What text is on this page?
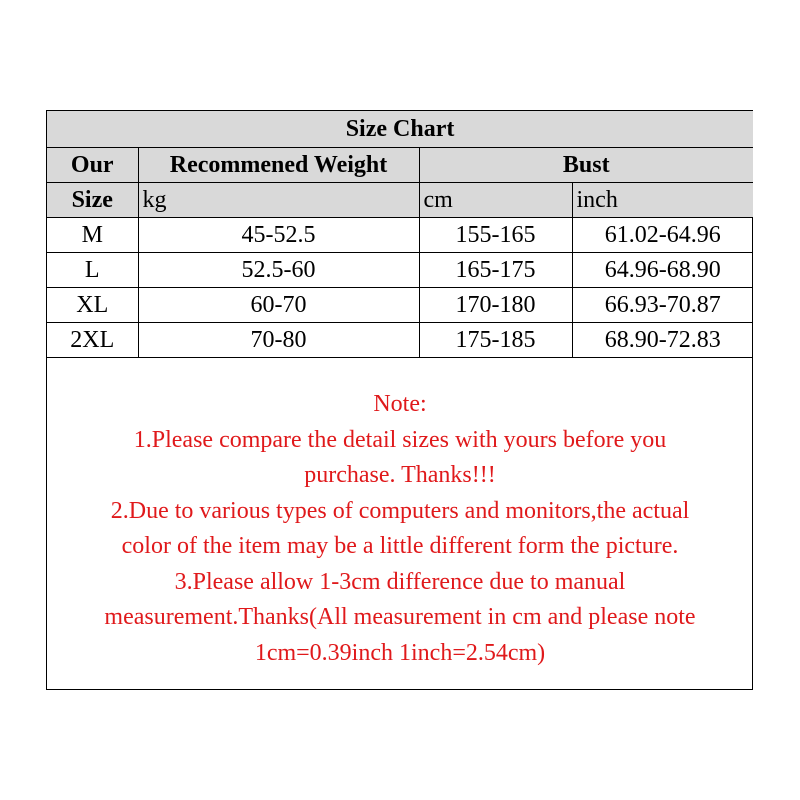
Size Chart			
Our	Recommened Weight	Bust	
Size	kg	cm	inch
M	45-52.5	155-165	61.02-64.96
L	52.5-60	165-175	64.96-68.90
XL	60-70	170-180	66.93-70.87
2XL	70-80	175-185	68.90-72.83
Note:
1.Please compare the detail sizes with yours before you
purchase. Thanks!!!
2.Due to various types of computers and monitors,the actual
color of the item may be a little different form the picture.
3.Please allow 1-3cm difference due to manual
measurement.Thanks(All measurement in cm and please note
1cm=0.39inch 1inch=2.54cm)
